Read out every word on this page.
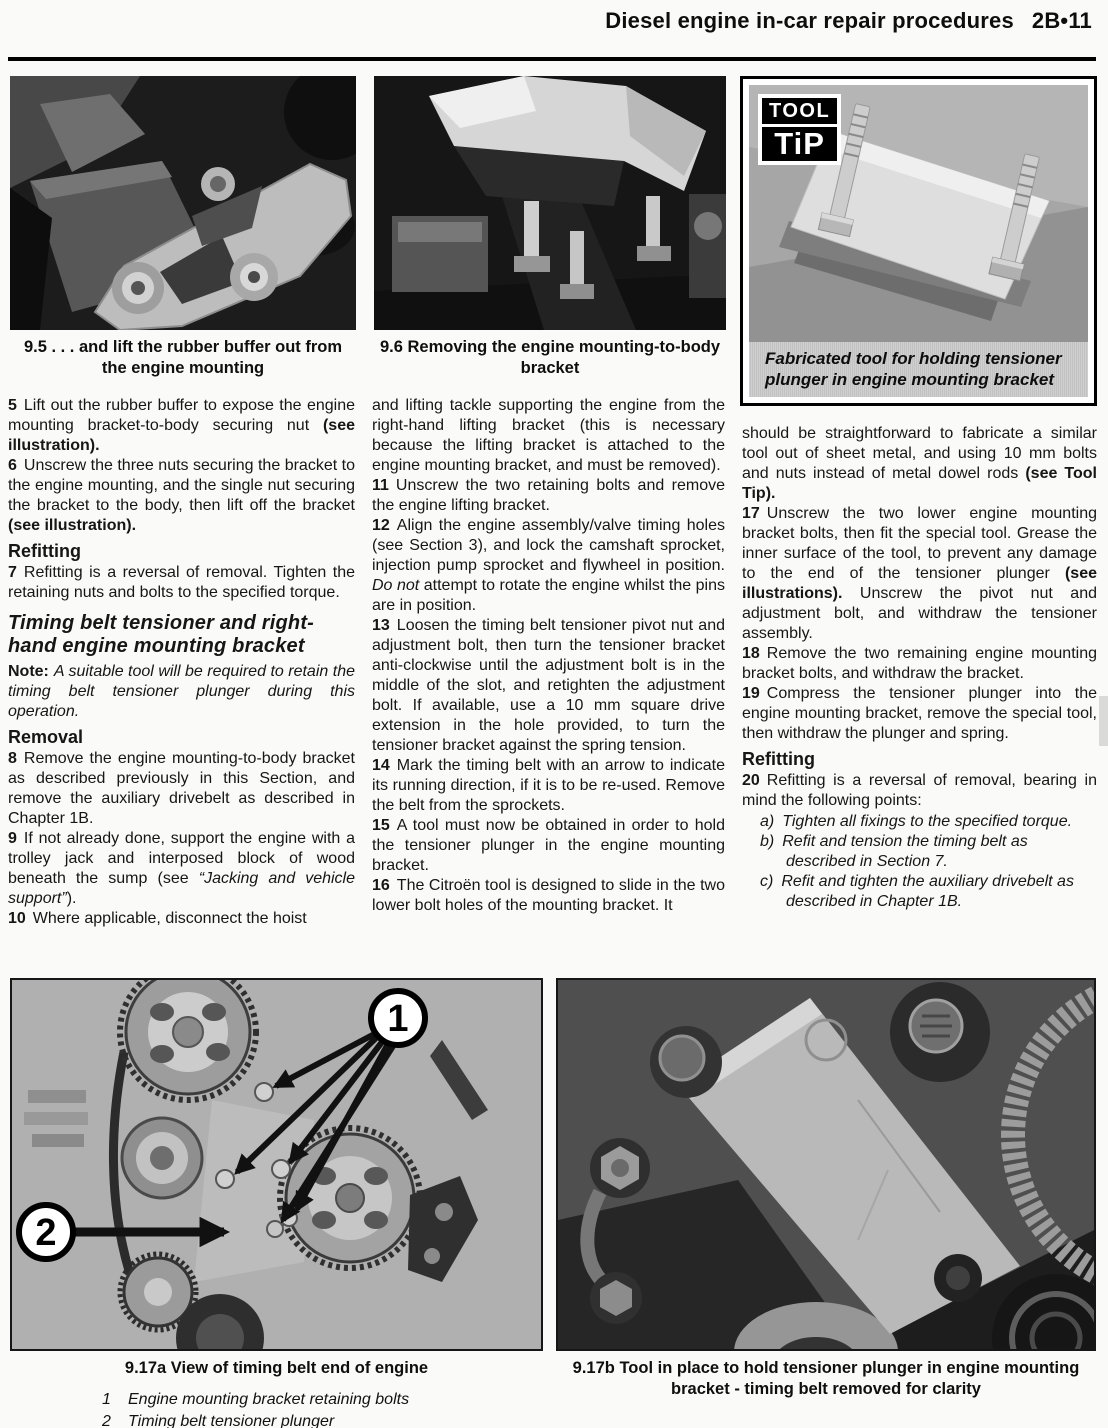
Diesel engine in-car repair procedures 2B•11
9.5 . . . and lift the rubber buffer out from the engine mounting
9.6 Removing the engine mounting-to-body bracket
TOOL
TiP
Fabricated tool for holding tensioner plunger in engine mounting bracket

5 Lift out the rubber buffer to expose the engine mounting bracket-to-body securing nut (see illustration).

6 Unscrew the three nuts securing the bracket to the engine mounting, and the single nut securing the bracket to the body, then lift off the bracket (see illustration).

Refitting

7 Refitting is a reversal of removal. Tighten the retaining nuts and bolts to the specified torque.

Timing belt tensioner and right-hand engine mounting bracket

Note: A suitable tool will be required to retain the timing belt tensioner plunger during this operation.

Removal

8 Remove the engine mounting-to-body bracket as described previously in this Section, and remove the auxiliary drivebelt as described in Chapter 1B.

9 If not already done, support the engine with a trolley jack and interposed block of wood beneath the sump (see “Jacking and vehicle support”).

10 Where applicable, disconnect the hoist

and lifting tackle supporting the engine from the right-hand lifting bracket (this is necessary because the lifting bracket is attached to the engine mounting bracket, and must be removed).

11 Unscrew the two retaining bolts and remove the engine lifting bracket.

12 Align the engine assembly/valve timing holes (see Section 3), and lock the camshaft sprocket, injection pump sprocket and flywheel in position. Do not attempt to rotate the engine whilst the pins are in position.

13 Loosen the timing belt tensioner pivot nut and adjustment bolt, then turn the tensioner bracket anti-clockwise until the adjustment bolt is in the middle of the slot, and retighten the adjustment bolt. If available, use a 10 mm square drive extension in the hole provided, to turn the tensioner bracket against the spring tension.

14 Mark the timing belt with an arrow to indicate its running direction, if it is to be re-used. Remove the belt from the sprockets.

15 A tool must now be obtained in order to hold the tensioner plunger in the engine mounting bracket.

16 The Citroën tool is designed to slide in the two lower bolt holes of the mounting bracket. It

should be straightforward to fabricate a similar tool out of sheet metal, and using 10 mm bolts and nuts instead of metal dowel rods (see Tool Tip).

17 Unscrew the two lower engine mounting bracket bolts, then fit the special tool. Grease the inner surface of the tool, to prevent any damage to the end of the tensioner plunger (see illustrations). Unscrew the pivot nut and adjustment bolt, and withdraw the tensioner assembly.

18 Remove the two remaining engine mounting bracket bolts, and withdraw the bracket.

19 Compress the tensioner plunger into the engine mounting bracket, remove the special tool, then withdraw the plunger and spring.

Refitting

20 Refitting is a reversal of removal, bearing in mind the following points:

a) Tighten all fixings to the specified torque.
b) Refit and tension the timing belt as described in Section 7.
c) Refit and tighten the auxiliary drivebelt as described in Chapter 1B.
1
2
9.17a View of timing belt end of engine
1 Engine mounting bracket retaining bolts
2 Timing belt tensioner plunger
9.17b Tool in place to hold tensioner plunger in engine mounting bracket - timing belt removed for clarity
